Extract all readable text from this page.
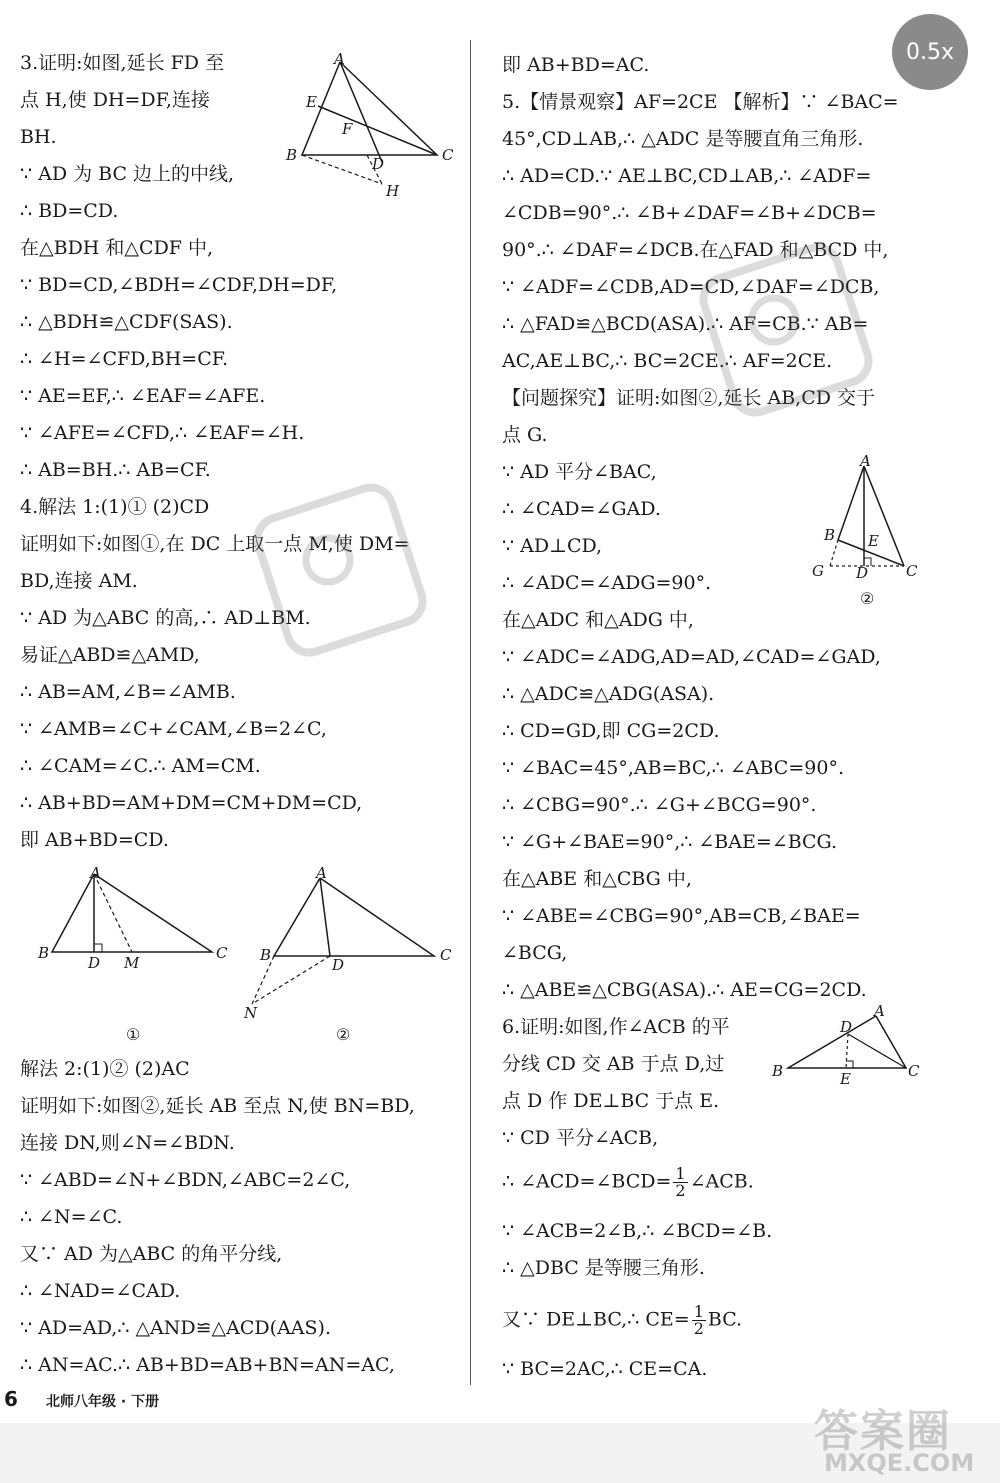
0.5x
3.证明:如图,延长 FD 至
点 H,使 DH=DF,连接
BH.
∵ AD 为 BC 边上的中线,
∴ BD=CD.
在△BDH 和△CDF 中,
∵ BD=CD,∠BDH=∠CDF,DH=DF,
∴ △BDH≌△CDF(SAS).
∴ ∠H=∠CFD,BH=CF.
∵ AE=EF,∴ ∠EAF=∠AFE.
∵ ∠AFE=∠CFD,∴ ∠EAF=∠H.
∴ AB=BH.∴ AB=CF.
4.解法 1:(1)① (2)CD
证明如下:如图①,在 DC 上取一点 M,使 DM=
BD,连接 AM.
∵ AD 为△ABC 的高,∴ AD⊥BM.
易证△ABD≌△AMD,
∴ AB=AM,∠B=∠AMB.
∵ ∠AMB=∠C+∠CAM,∠B=2∠C,
∴ ∠CAM=∠C.∴ AM=CM.
∴ AB+BD=AM+DM=CM+DM=CD,
即 AB+BD=CD.
解法 2:(1)② (2)AC
证明如下:如图②,延长 AB 至点 N,使 BN=BD,
连接 DN,则∠N=∠BDN.
∵ ∠ABD=∠N+∠BDN,∠ABC=2∠C,
∴ ∠N=∠C.
又∵ AD 为△ABC 的角平分线,
∴ ∠NAD=∠CAD.
∵ AD=AD,∴ △AND≌△ACD(AAS).
∴ AN=AC.∴ AB+BD=AB+BN=AN=AC,
A
E
F
B	D	C
H
A
B
D M
C
①
A
B
D
C
N
②
即 AB+BD=AC.
5.【情景观察】AF=2CE 【解析】∵ ∠BAC=
45°,CD⊥AB,∴ △ADC 是等腰直角三角形.
∴ AD=CD.∵ AE⊥BC,CD⊥AB,∴ ∠ADF=
∠CDB=90°.∴ ∠B+∠DAF=∠B+∠DCB=
90°.∴ ∠DAF=∠DCB.在△FAD 和△BCD 中,
∵ ∠ADF=∠CDB,AD=CD,∠DAF=∠DCB,
∴ △FAD≌△BCD(ASA).∴ AF=CB.∵ AB=
AC,AE⊥BC,∴ BC=2CE.∴ AF=2CE.
【问题探究】证明:如图②,延长 AB,CD 交于
点 G.
∵ AD 平分∠BAC,
∴ ∠CAD=∠GAD.
∵ AD⊥CD,
∴ ∠ADC=∠ADG=90°.
在△ADC 和△ADG 中,
∵ ∠ADC=∠ADG,AD=AD,∠CAD=∠GAD,
∴ △ADC≌△ADG(ASA).
∴ CD=GD,即 CG=2CD.
∵ ∠BAC=45°,AB=BC,∴ ∠ABC=90°.
∴ ∠CBG=90°.∴ ∠G+∠BCG=90°.
∵ ∠G+∠BAE=90°,∴ ∠BAE=∠BCG.
在△ABE 和△CBG 中,
∵ ∠ABE=∠CBG=90°,AB=CB,∠BAE=
∠BCG,
∴ △ABE≌△CBG(ASA).∴ AE=CG=2CD.
6.证明:如图,作∠ACB 的平
分线 CD 交 AB 于点 D,过
点 D 作 DE⊥BC 于点 E.
∵ CD 平分∠ACB,
∴ ∠ACD=∠BCD= $\frac{1}{2}$ ∠ACB.
∵ ∠ACB=2∠B,∴ ∠BCD=∠B.
∴ △DBC 是等腰三角形.
又∵ DE⊥BC,∴ $CE= \frac{1}{2}$ BC.
∵ BC=2AC,∴ CE=CA.
A
B E
G D	C
②
A
D
B	E	C
6 北师八年级 · 下册
答案圈
MXQE.COM
